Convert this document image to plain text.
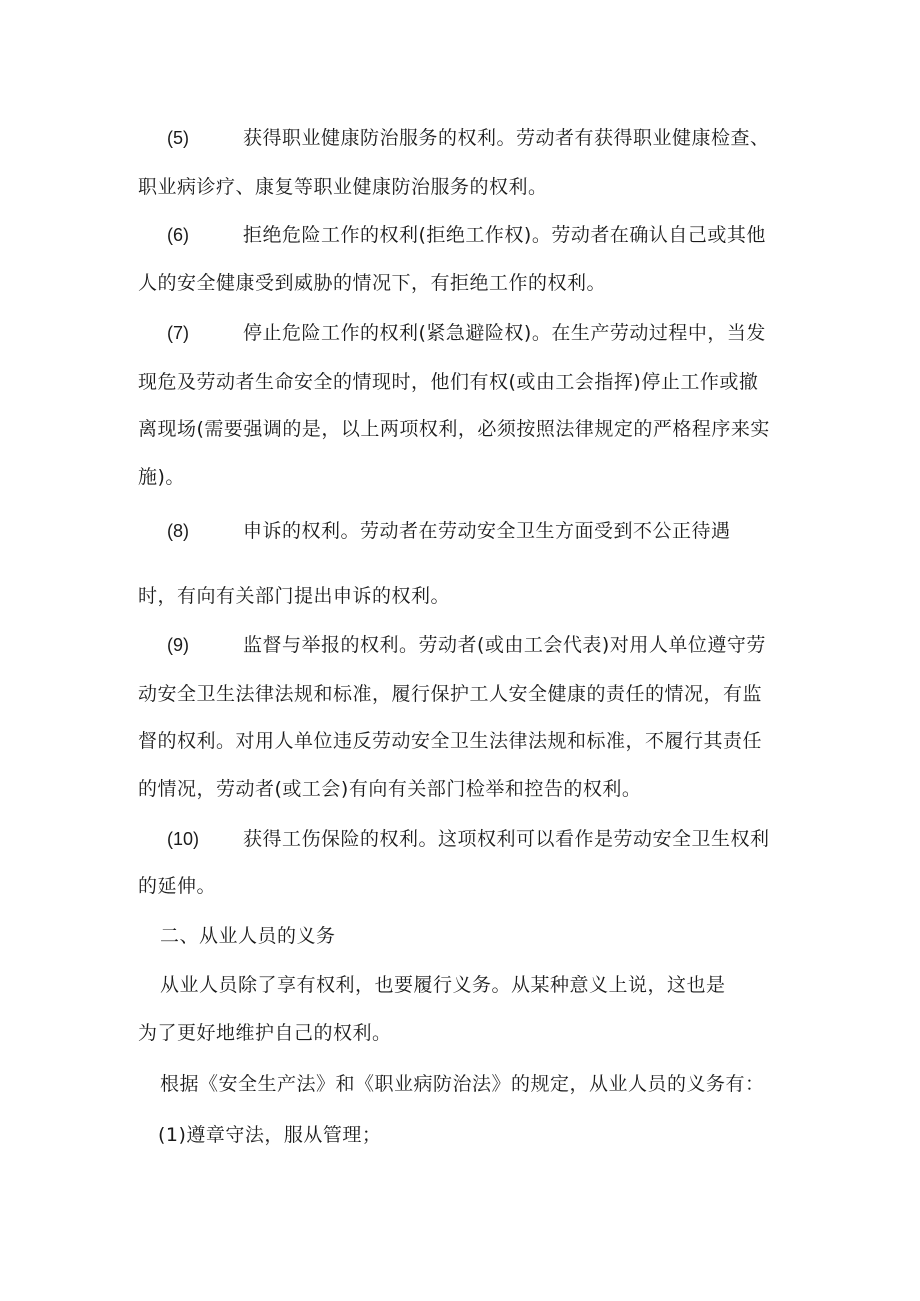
(5)	获得职业健康防治服务的权利。劳动者有获得职业健康检查、
职业病诊疗、康复等职业健康防治服务的权利。
(6)	拒绝危险工作的权利(拒绝工作权)。劳动者在确认自己或其他
人的安全健康受到威胁的情况下，有拒绝工作的权利。
(7)	停止危险工作的权利(紧急避险权)。在生产劳动过程中，当发
现危及劳动者生命安全的情现时，他们有权(或由工会指挥)停止工作或撤
离现场(需要强调的是，以上两项权利，必须按照法律规定的严格程序来实
施)。
(8)	申诉的权利。劳动者在劳动安全卫生方面受到不公正待遇
时，有向有关部门提出申诉的权利。
(9)	监督与举报的权利。劳动者(或由工会代表)对用人单位遵守劳
动安全卫生法律法规和标准，履行保护工人安全健康的责任的情况，有监
督的权利。对用人单位违反劳动安全卫生法律法规和标准，不履行其责任
的情况，劳动者(或工会)有向有关部门检举和控告的权利。
(10) 获得工伤保险的权利。这项权利可以看作是劳动安全卫生权利
的延伸。
二、从业人员的义务
从业人员除了享有权利，也要履行义务。从某种意义上说，这也是
为了更好地维护自己的权利。
根据《安全生产法》和《职业病防治法》的规定，从业人员的义务有：
(1)遵章守法，服从管理；
